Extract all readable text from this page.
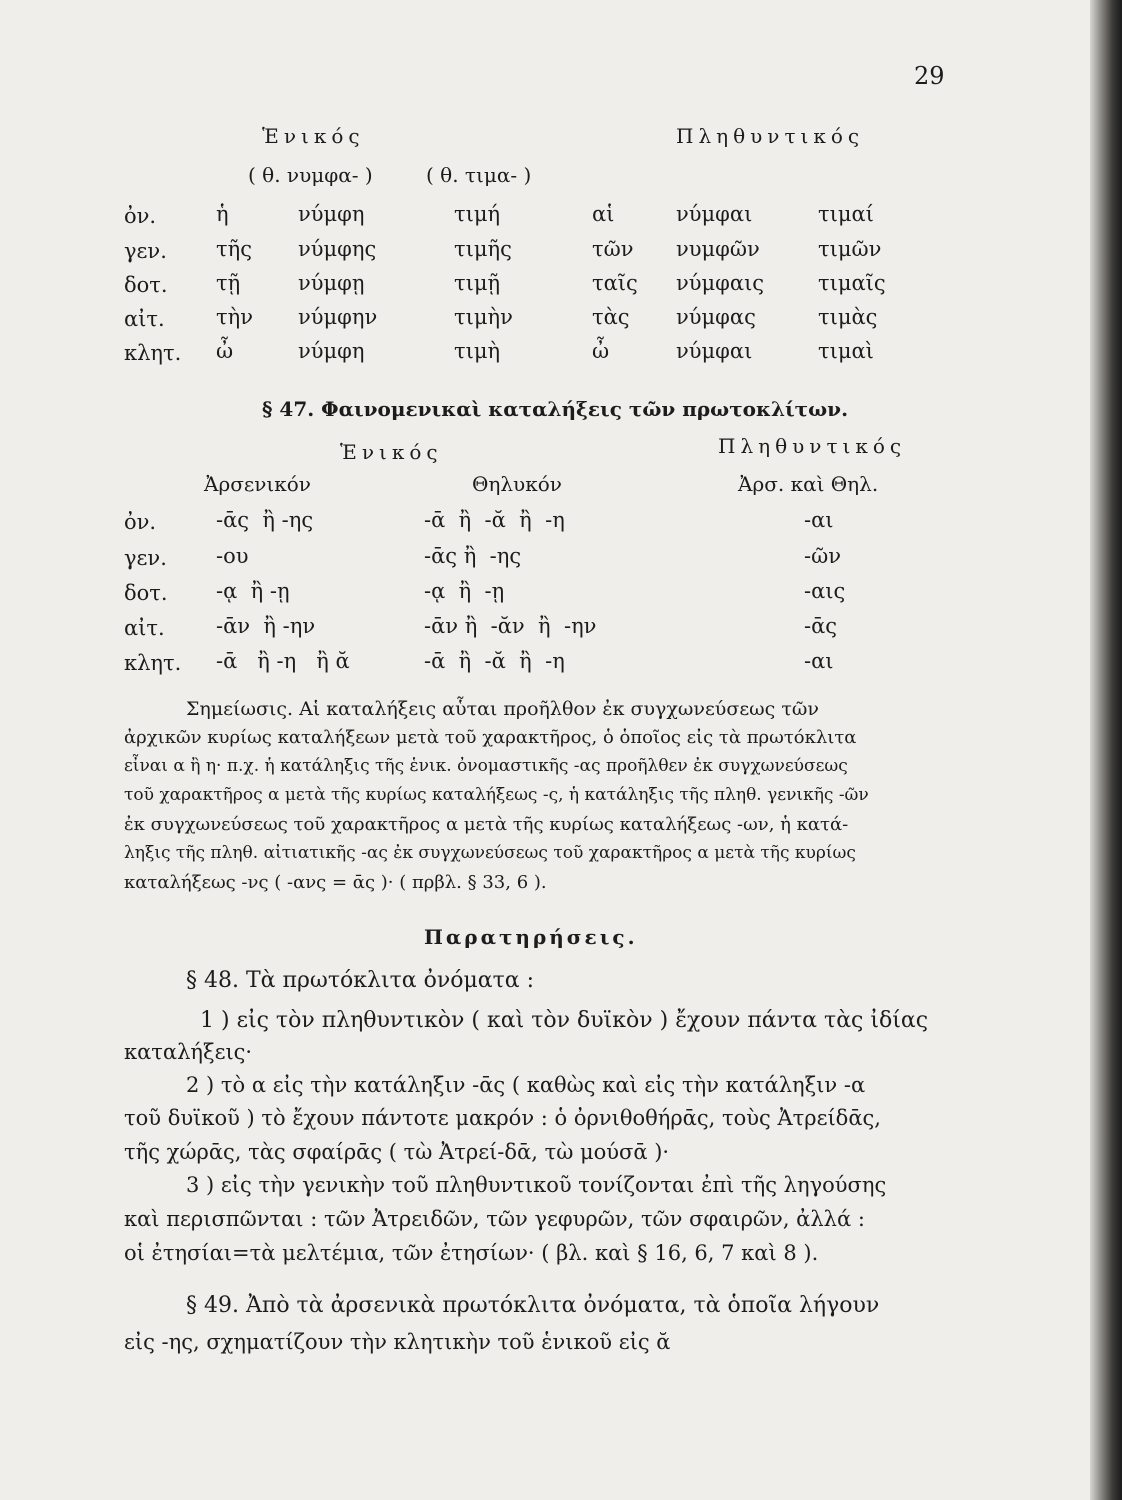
29
Ἑνικός	Πληθυντικός
( θ. νυμφα- )	( θ. τιμα- )
ὀν.	ἡ	νύμφη	τιμή	αἱ	νύμφαι	τιμαί
γεν. τῆς νύμφης	τιμῆς	τῶν νυμφῶν	τιμῶν
δοτ. τῇ	νύμφῃ	τιμῇ	ταῖς νύμφαις	τιμαῖς
αἰτ. τὴν νύμφην	τιμὴν	τὰς νύμφας	τιμὰς
κλητ. ὦ	νύμφη	τιμὴ	ὦ	νύμφαι	τιμαὶ
§ 47. Φαινομενικαὶ καταλήξεις τῶν πρωτοκλίτων.
Ἑνικός	Πληθυντικός
Ἀρσενικόν	Θηλυκόν	Ἀρσ. καὶ Θηλ.
ὀν.	-ᾱς  ἢ -ης	-ᾱ  ἢ  -ᾰ  ἢ  -η	-αι
γεν. -ου	-ᾱς ἢ  -ης	-ῶν
δοτ. -ᾳ  ἢ -ῃ	-ᾳ  ἢ  -ῃ	-αις
αἰτ. -ᾱν  ἢ -ην	-ᾱν ἢ  -ᾰν  ἢ  -ην	-ᾱς
κλητ. -ᾱ   ἢ -η   ἢ ᾰ	-ᾱ  ἢ  -ᾰ  ἢ  -η	-αι
Σημείωσις. Αἱ καταλήξεις αὗται προῆλθον ἐκ συγχωνεύσεως τῶν
ἀρχικῶν κυρίως καταλήξεων μετὰ τοῦ χαρακτῆρος, ὁ ὁποῖος εἰς τὰ πρωτόκλιτα
εἶναι α ἢ η· π.χ. ἡ κατάληξις τῆς ἑνικ. ὀνομαστικῆς -ας προῆλθεν ἐκ συγχωνεύσεως
τοῦ χαρακτῆρος α μετὰ τῆς κυρίως καταλήξεως -ς, ἡ κατάληξις τῆς πληθ. γενικῆς -ῶν
ἐκ συγχωνεύσεως τοῦ χαρακτῆρος α μετὰ τῆς κυρίως καταλήξεως -ων, ἡ κατά-
ληξις τῆς πληθ. αἰτιατικῆς -ας ἐκ συγχωνεύσεως τοῦ χαρακτῆρος α μετὰ τῆς κυρίως
καταλήξεως -νς ( -ανς = ᾱς )· ( πρβλ. § 33, 6 ).
Παρατηρήσεις.
§ 48. Τὰ πρωτόκλιτα ὀνόματα :
1 ) εἰς τὸν πληθυντικὸν ( καὶ τὸν δυϊκὸν ) ἔχουν πάντα τὰς ἰδίας
καταλήξεις·
2 ) τὸ α εἰς τὴν κατάληξιν -ᾱς ( καθὼς καὶ εἰς τὴν κατάληξιν -α
τοῦ δυϊκοῦ ) τὸ ἔχουν πάντοτε μακρόν : ὁ ὀρνιθοθήρᾱς, τοὺς Ἀτρείδᾱς,
τῆς χώρᾱς, τὰς σφαίρᾱς ( τὼ Ἀτρεί-δᾱ, τὼ μούσᾱ )·
3 ) εἰς τὴν γενικὴν τοῦ πληθυντικοῦ τονίζονται ἐπὶ τῆς ληγούσης
καὶ περισπῶνται : τῶν Ἀτρειδῶν, τῶν γεφυρῶν, τῶν σφαιρῶν, ἀλλά :
οἱ ἐτησίαι=τὰ μελτέμια, τῶν ἐτησίων· ( βλ. καὶ § 16, 6, 7 καὶ 8 ).
§ 49. Ἀπὸ τὰ ἀρσενικὰ πρωτόκλιτα ὀνόματα, τὰ ὁποῖα λήγουν
εἰς -ης, σχηματίζουν τὴν κλητικὴν τοῦ ἑνικοῦ εἰς ᾰ
